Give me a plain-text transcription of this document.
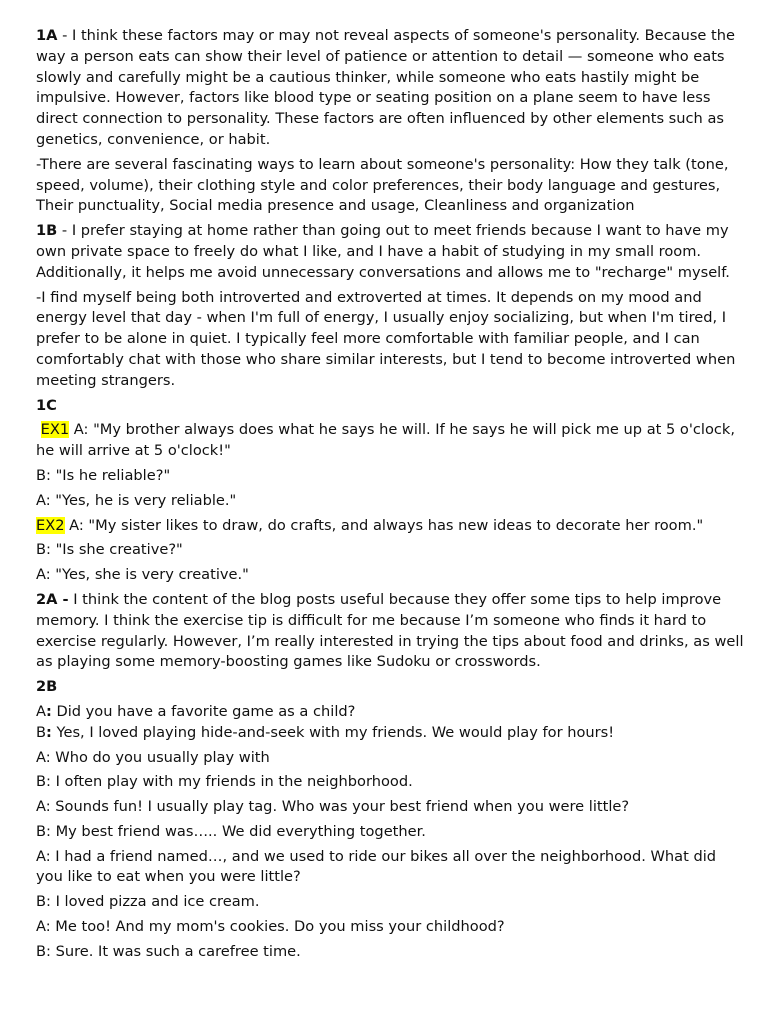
1A - I think these factors may or may not reveal aspects of someone's personality. Because the way a person eats can show their level of patience or attention to detail — someone who eats slowly and carefully might be a cautious thinker, while someone who eats hastily might be impulsive. However, factors like blood type or seating position on a plane seem to have less direct connection to personality. These factors are often influenced by other elements such as genetics, convenience, or habit.

-There are several fascinating ways to learn about someone's personality: How they talk (tone, speed, volume), their clothing style and color preferences, their body language and gestures, Their punctuality, Social media presence and usage, Cleanliness and organization

1B - I prefer staying at home rather than going out to meet friends because I want to have my own private space to freely do what I like, and I have a habit of studying in my small room. Additionally, it helps me avoid unnecessary conversations and allows me to "recharge" myself.

-I find myself being both introverted and extroverted at times. It depends on my mood and energy level that day - when I'm full of energy, I usually enjoy socializing, but when I'm tired, I prefer to be alone in quiet. I typically feel more comfortable with familiar people, and I can comfortably chat with those who share similar interests, but I tend to become introverted when meeting strangers.

1C

EX1 A: "My brother always does what he says he will. If he says he will pick me up at 5 o'clock, he will arrive at 5 o'clock!"

B: "Is he reliable?"

A: "Yes, he is very reliable."

EX2 A: "My sister likes to draw, do crafts, and always has new ideas to decorate her room."

B: "Is she creative?"

A: "Yes, she is very creative."

2A - I think the content of the blog posts useful because they offer some tips to help improve memory. I think the exercise tip is difficult for me because I’m someone who finds it hard to exercise regularly. However, I’m really interested in trying the tips about food and drinks, as well as playing some memory-boosting games like Sudoku or crosswords.

2B

A: Did you have a favorite game as a child?

B: Yes, I loved playing hide-and-seek with my friends. We would play for hours!

A: Who do you usually play with

B: I often play with my friends in the neighborhood.

A: Sounds fun! I usually play tag. Who was your best friend when you were little?

B: My best friend was….. We did everything together.

A: I had a friend named…, and we used to ride our bikes all over the neighborhood. What did you like to eat when you were little?

B: I loved pizza and ice cream.

A: Me too! And my mom's cookies. Do you miss your childhood?

B: Sure. It was such a carefree time.
